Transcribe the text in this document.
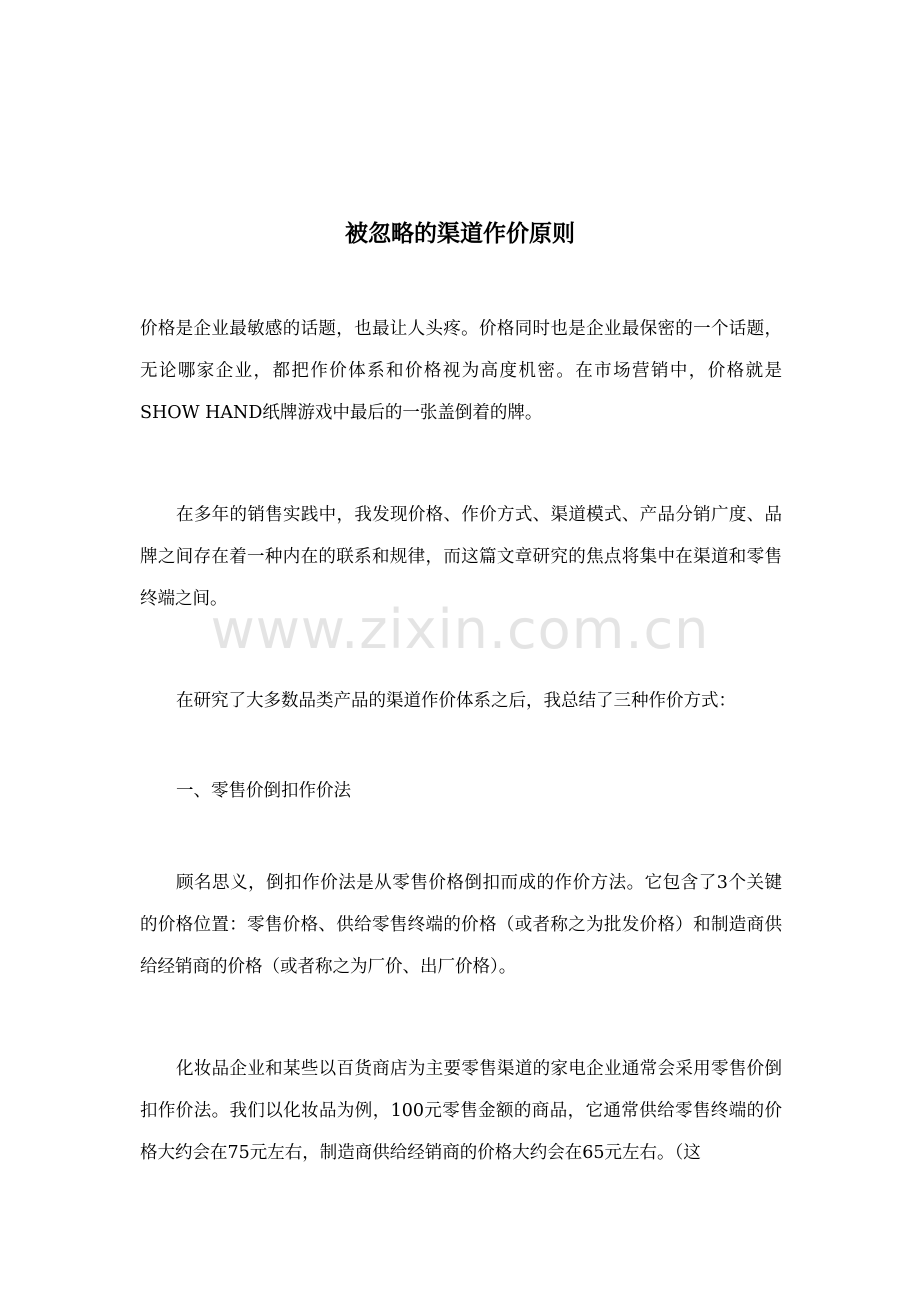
被忽略的渠道作价原则

价格是企业最敏感的话题，也最让人头疼。价格同时也是企业最保密的一个话题，无论哪家企业，都把作价体系和价格视为高度机密。在市场营销中，价格就是SHOW HAND纸牌游戏中最后的一张盖倒着的牌。

在多年的销售实践中，我发现价格、作价方式、渠道模式、产品分销广度、品牌之间存在着一种内在的联系和规律，而这篇文章研究的焦点将集中在渠道和零售终端之间。

在研究了大多数品类产品的渠道作价体系之后，我总结了三种作价方式：

一、零售价倒扣作价法

顾名思义，倒扣作价法是从零售价格倒扣而成的作价方法。它包含了3个关键的价格位置：零售价格、供给零售终端的价格（或者称之为批发价格）和制造商供给经销商的价格（或者称之为厂价、出厂价格）。

化妆品企业和某些以百货商店为主要零售渠道的家电企业通常会采用零售价倒扣作价法。我们以化妆品为例，100元零售金额的商品，它通常供给零售终端的价格大约会在75元左右，制造商供给经销商的价格大约会在65元左右。（这

www.zixin.com.cn
